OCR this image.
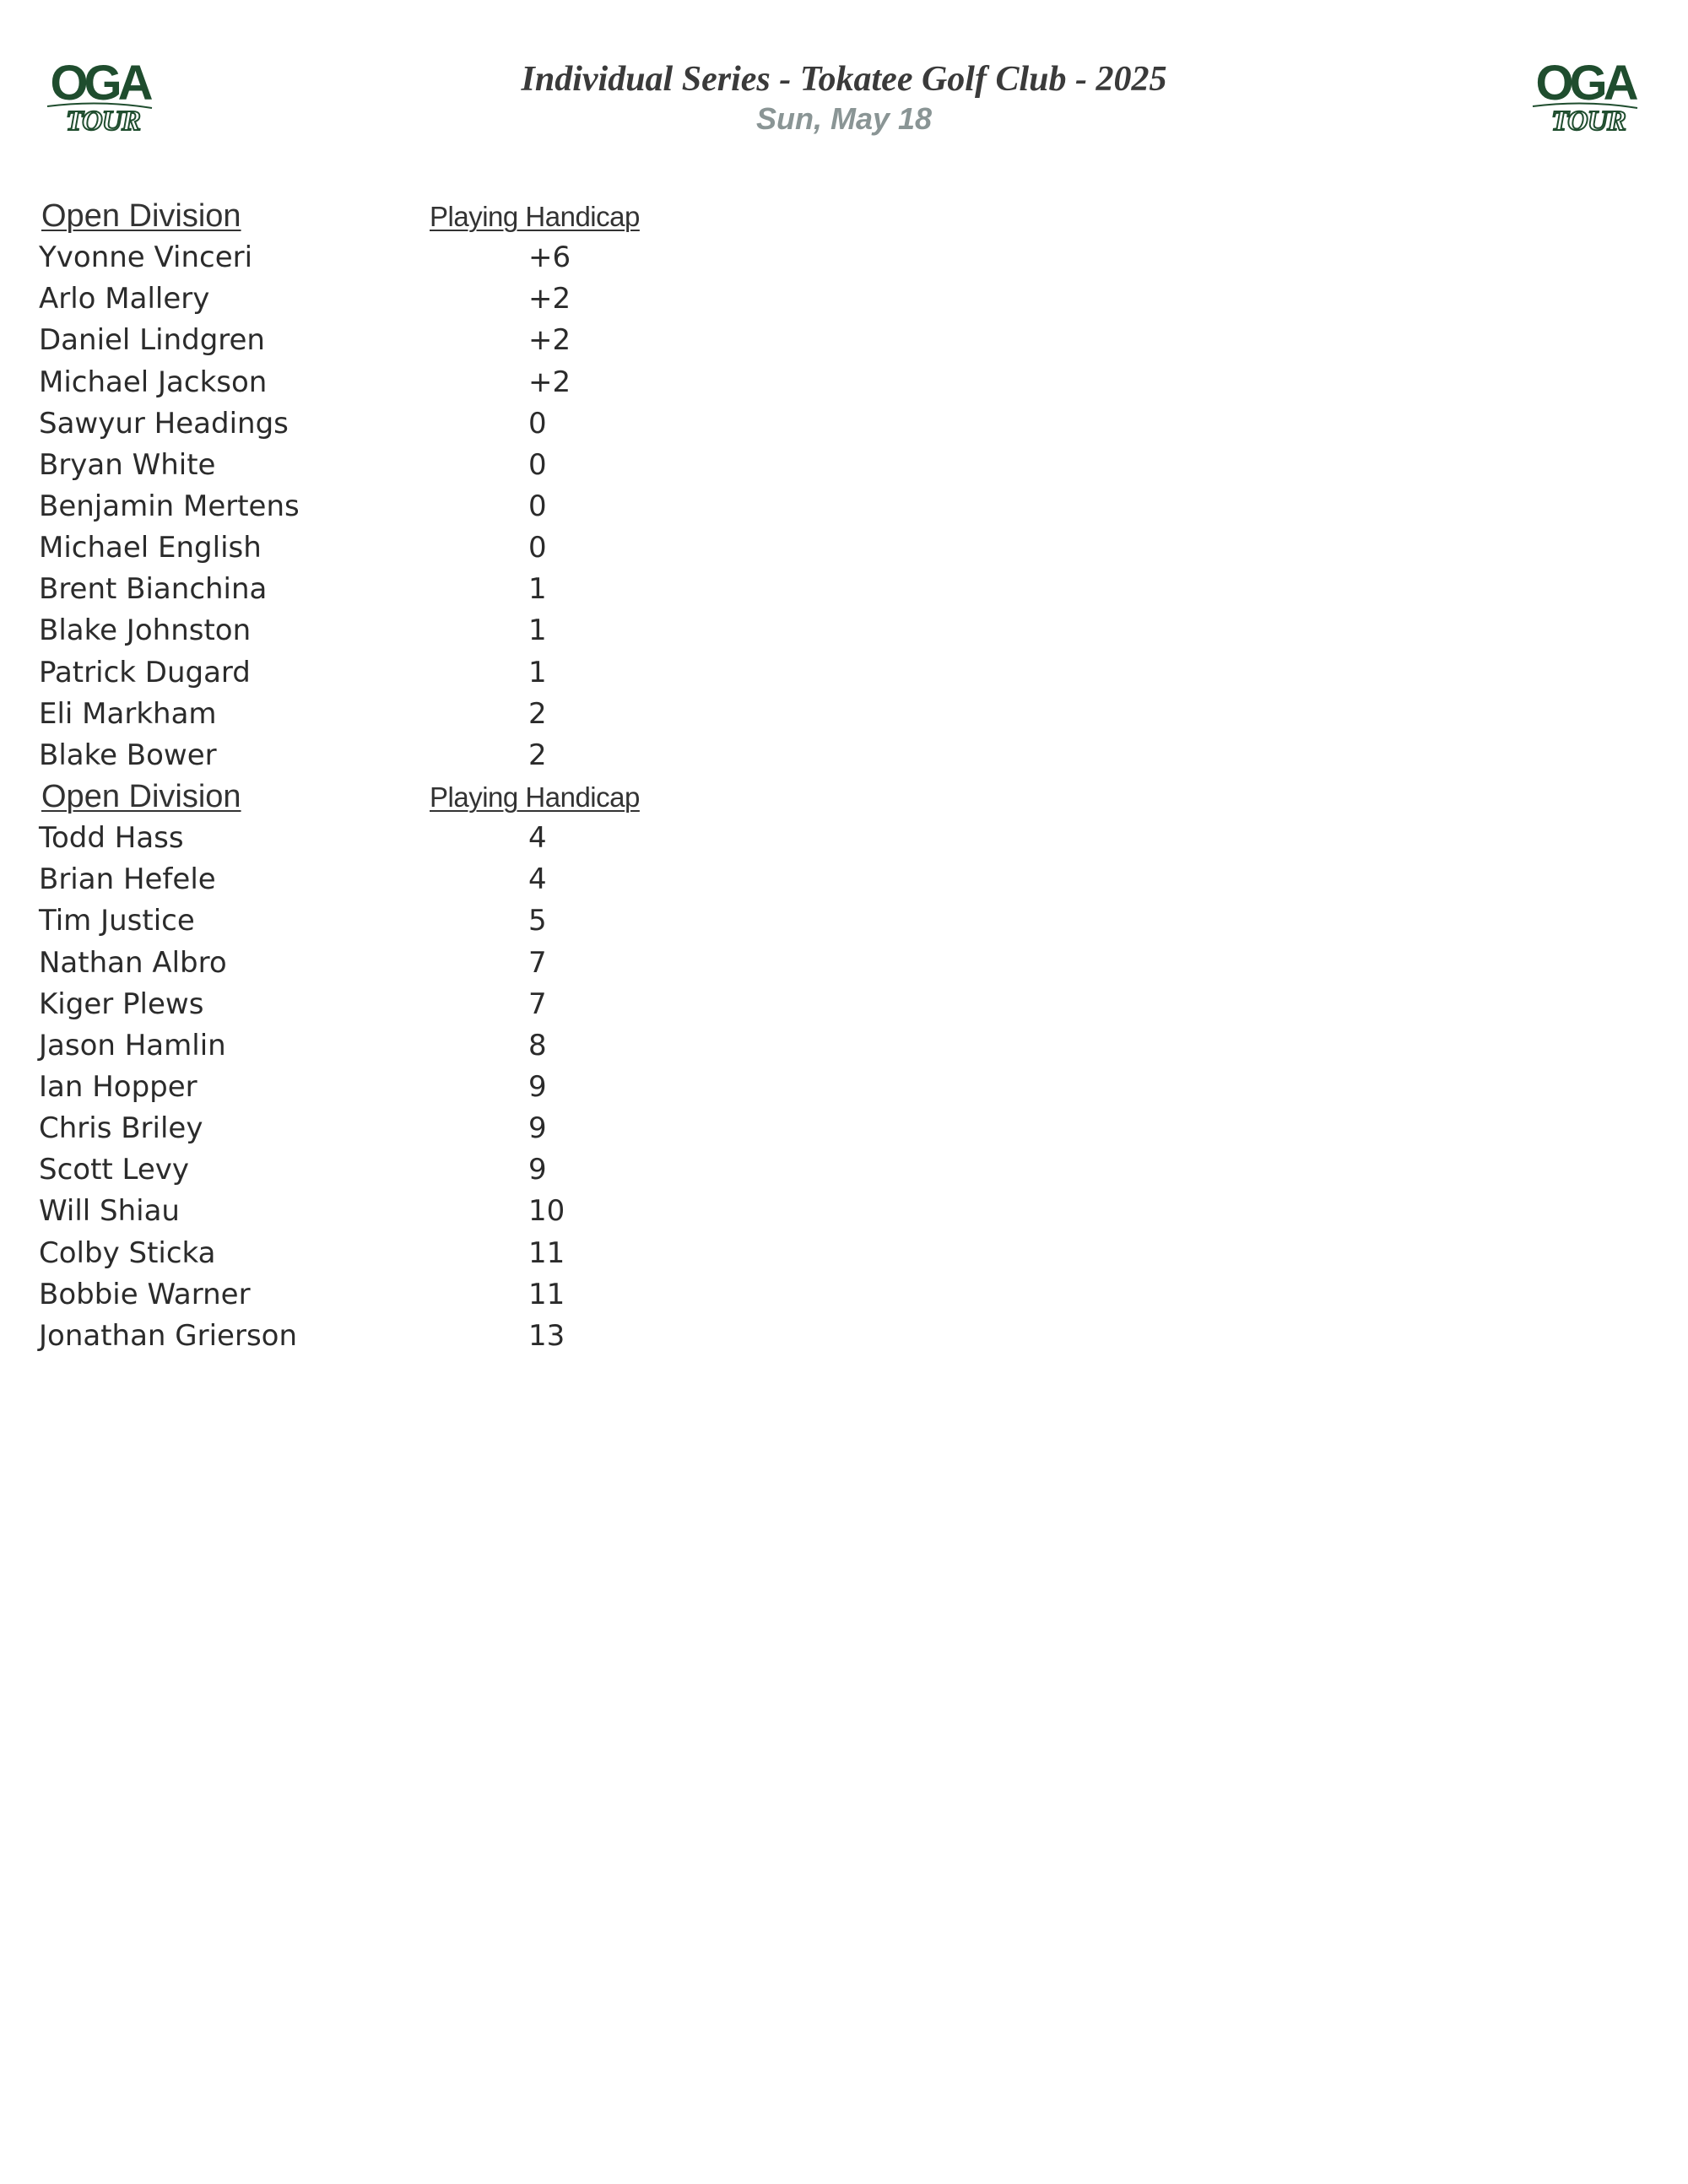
OGA
TOUR
OGA
TOUR
Individual Series - Tokatee Golf Club - 2025
Sun, May 18
Open Division	Playing Handicap
Yvonne Vinceri	+6
Arlo Mallery	+2
Daniel Lindgren	+2
Michael Jackson	+2
Sawyur Headings	0
Bryan White	0
Benjamin Mertens	0
Michael English	0
Brent Bianchina	1
Blake Johnston	1
Patrick Dugard	1
Eli Markham	2
Blake Bower	2
Open Division	Playing Handicap
Todd Hass	4
Brian Hefele	4
Tim Justice	5
Nathan Albro	7
Kiger Plews	7
Jason Hamlin	8
Ian Hopper	9
Chris Briley	9
Scott Levy	9
Will Shiau	10
Colby Sticka	11
Bobbie Warner	11
Jonathan Grierson	13
